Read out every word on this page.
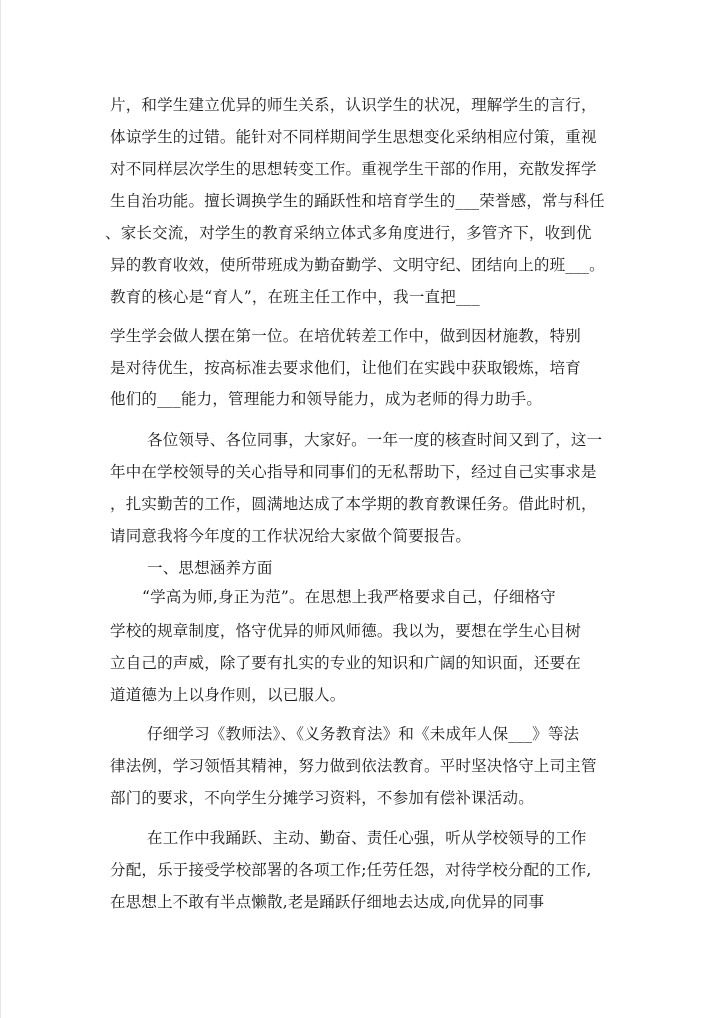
片，和学生建立优异的师生关系，认识学生的状况，理解学生的言行，
体谅学生的过错。能针对不同样期间学生思想变化采纳相应付策，重视
对不同样层次学生的思想转变工作。重视学生干部的作用，充散发挥学
生自治功能。擅长调换学生的踊跃性和培育学生的___荣誉感，常与科任
、家长交流，对学生的教育采纳立体式多角度进行，多管齐下，收到优
异的教育收效，使所带班成为勤奋勤学、文明守纪、团结向上的班___。
教育的核心是“育人”，在班主任工作中，我一直把___
学生学会做人摆在第一位。在培优转差工作中，做到因材施教，特别
是对待优生，按高标准去要求他们，让他们在实践中获取锻炼，培育
他们的___能力，管理能力和领导能力，成为老师的得力助手。
各位领导、各位同事，大家好。一年一度的核查时间又到了，这一
年中在学校领导的关心指导和同事们的无私帮助下，经过自己实事求是
，扎实勤苦的工作，圆满地达成了本学期的教育教课任务。借此时机，
请同意我将今年度的工作状况给大家做个简要报告。
一、思想涵养方面
“学高为师,身正为范”。在思想上我严格要求自己，仔细格守
学校的规章制度，恪守优异的师风师德。我以为，要想在学生心目树
立自己的声威，除了要有扎实的专业的知识和广阔的知识面，还要在
道道德为上以身作则，以已服人。
仔细学习《教师法》、《义务教育法》和《未成年人保___》等法
律法例，学习领悟其精神，努力做到依法教育。平时坚决恪守上司主管
部门的要求，不向学生分摊学习资料，不参加有偿补课活动。
在工作中我踊跃、主动、勤奋、责任心强，听从学校领导的工作
分配，乐于接受学校部署的各项工作;任劳任怨，对待学校分配的工作,
在思想上不敢有半点懒散,老是踊跃仔细地去达成,向优异的同事
